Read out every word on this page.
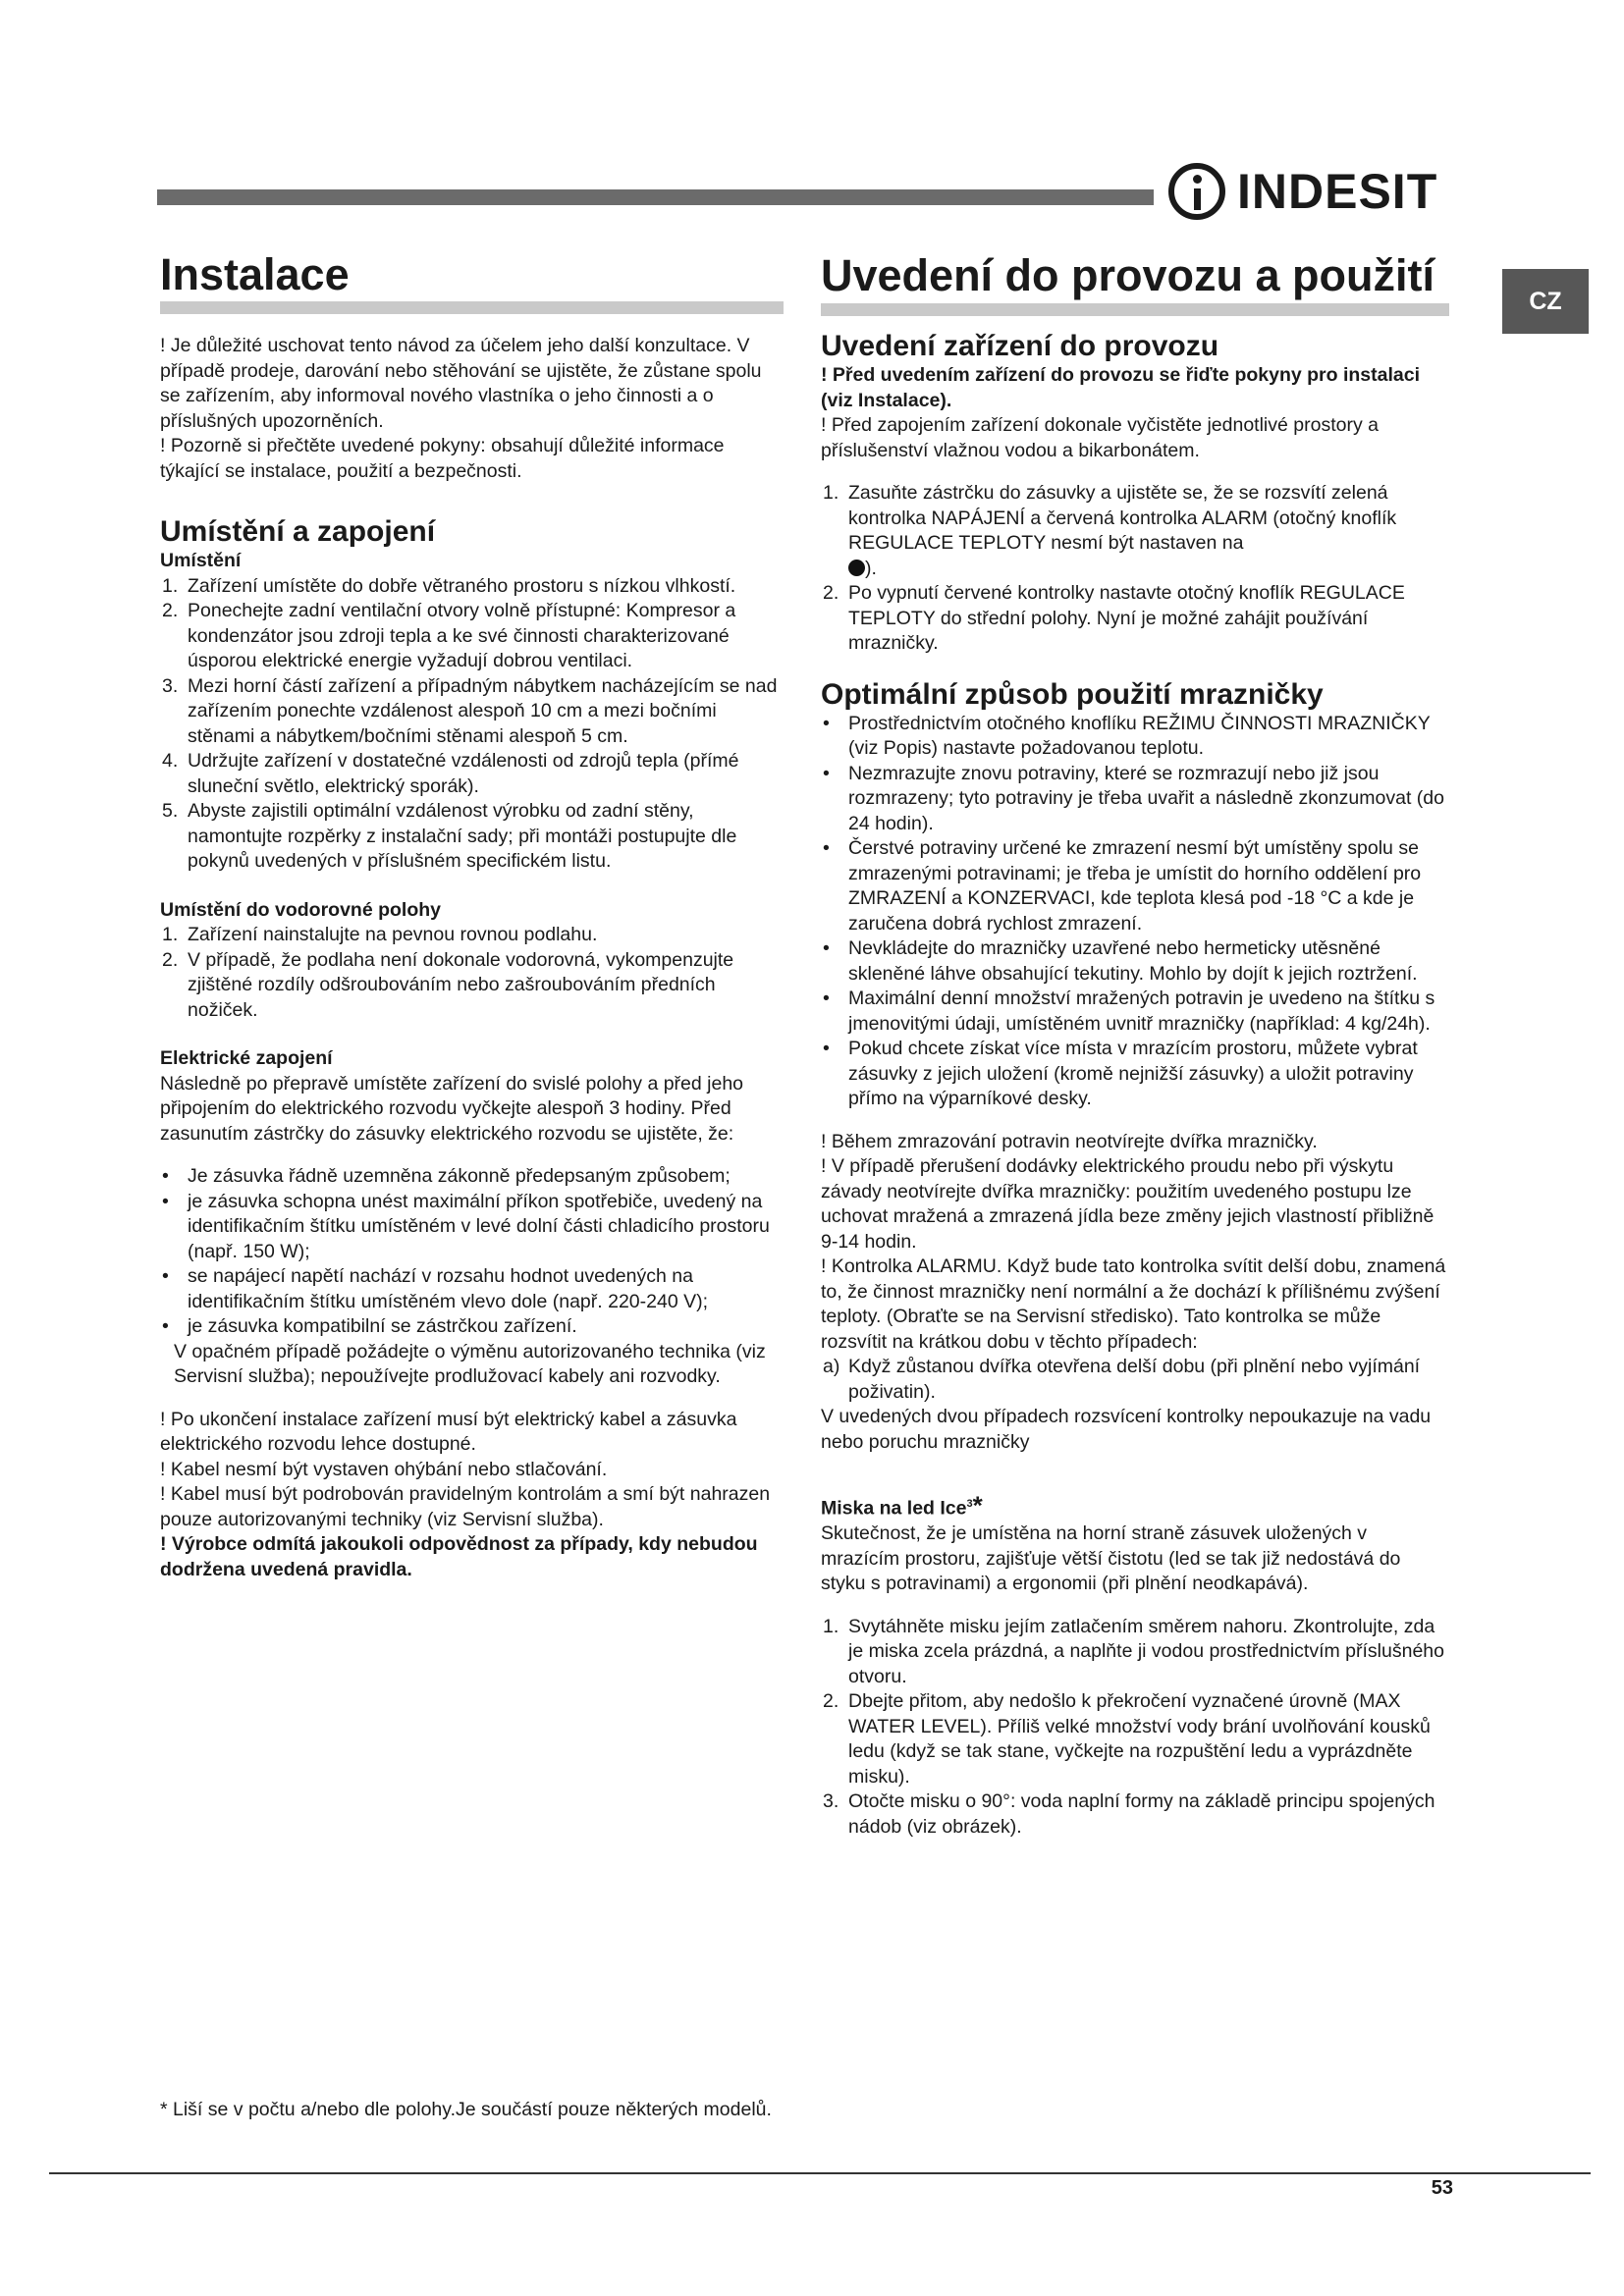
INDESIT
CZ
Instalace

! Je důležité uschovat tento návod za účelem jeho další konzultace. V případě prodeje, darování nebo stěhování se ujistěte, že zůstane spolu se zařízením, aby informoval nového vlastníka o jeho činnosti a o příslušných upozorněních.

! Pozorně si přečtěte uvedené pokyny: obsahují důležité informace týkající se instalace, použití a bezpečnosti.

Umístění a zapojení
Umístění
1. Zařízení umístěte do dobře větraného prostoru s nízkou vlhkostí.
2. Ponechejte zadní ventilační otvory volně přístupné: Kompresor a kondenzátor jsou zdroji tepla a ke své činnosti charakterizované úsporou elektrické energie vyžadují dobrou ventilaci.
3. Mezi horní částí zařízení a případným nábytkem nacházejícím se nad zařízením ponechte vzdálenost alespoň 10 cm a mezi bočními stěnami a nábytkem/bočními stěnami alespoň 5 cm.
4. Udržujte zařízení v dostatečné vzdálenosti od zdrojů tepla (přímé sluneční světlo, elektrický sporák).
5. Abyste zajistili optimální vzdálenost výrobku od zadní stěny, namontujte rozpěrky z instalační sady; při montáži postupujte dle pokynů uvedených v příslušném specifickém listu.
Umístění do vodorovné polohy
1. Zařízení nainstalujte na pevnou rovnou podlahu.
2. V případě, že podlaha není dokonale vodorovná, vykompenzujte zjištěné rozdíly odšroubováním nebo zašroubováním předních nožiček.
Elektrické zapojení

Následně po přepravě umístěte zařízení do svislé polohy a před jeho připojením do elektrického rozvodu vyčkejte alespoň 3 hodiny. Před zasunutím zástrčky do zásuvky elektrického rozvodu se ujistěte, že:

• Je zásuvka řádně uzemněna zákonně předepsaným způsobem;
• je zásuvka schopna unést maximální příkon spotřebiče, uvedený na identifikačním štítku umístěném v levé dolní části chladicího prostoru (např. 150 W);
• se napájecí napětí nachází v rozsahu hodnot uvedených na identifikačním štítku umístěném vlevo dole (např. 220-240 V);
• je zásuvka kompatibilní se zástrčkou zařízení.

V opačném případě požádejte o výměnu autorizovaného technika (viz Servisní služba); nepoužívejte prodlužovací kabely ani rozvodky.

! Po ukončení instalace zařízení musí být elektrický kabel a zásuvka elektrického rozvodu lehce dostupné.

! Kabel nesmí být vystaven ohýbání nebo stlačování.

! Kabel musí být podrobován pravidelným kontrolám a smí být nahrazen pouze autorizovanými techniky (viz Servisní služba).

! Výrobce odmítá jakoukoli odpovědnost za případy, kdy nebudou dodržena uvedená pravidla.

* Liší se v počtu a/nebo dle polohy.Je součástí pouze některých modelů.
Uvedení do provozu a použití
Uvedení zařízení do provozu

! Před uvedením zařízení do provozu se řiďte pokyny pro instalaci (viz Instalace).

! Před zapojením zařízení dokonale vyčistěte jednotlivé prostory a příslušenství vlažnou vodou a bikarbonátem.

1. Zasuňte zástrčku do zásuvky a ujistěte se, že se rozsvítí zelená kontrolka NAPÁJENÍ a červená kontrolka ALARM (otočný knoflík REGULACE TEPLOTY nesmí být nastaven na
).
2. Po vypnutí červené kontrolky nastavte otočný knoflík REGULACE TEPLOTY do střední polohy. Nyní je možné zahájit používání mrazničky.
Optimální způsob použití mrazničky
• Prostřednictvím otočného knoflíku REŽIMU ČINNOSTI MRAZNIČKY (viz Popis) nastavte požadovanou teplotu.
• Nezmrazujte znovu potraviny, které se rozmrazují nebo již jsou rozmrazeny; tyto potraviny je třeba uvařit a následně zkonzumovat (do 24 hodin).
• Čerstvé potraviny určené ke zmrazení nesmí být umístěny spolu se zmrazenými potravinami; je třeba je umístit do horního oddělení pro ZMRAZENÍ a KONZERVACI, kde teplota klesá pod -18 °C a kde je zaručena dobrá rychlost zmrazení.
• Nevkládejte do mrazničky uzavřené nebo hermeticky utěsněné skleněné láhve obsahující tekutiny. Mohlo by dojít k jejich roztržení.
• Maximální denní množství mražených potravin je uvedeno na štítku s jmenovitými údaji, umístěném uvnitř mrazničky (například: 4 kg/24h).
• Pokud chcete získat více místa v mrazícím prostoru, můžete vybrat zásuvky z jejich uložení (kromě nejnižší zásuvky) a uložit potraviny přímo na výparníkové desky.

! Během zmrazování potravin neotvírejte dvířka mrazničky.

! V případě přerušení dodávky elektrického proudu nebo při výskytu závady neotvírejte dvířka mrazničky: použitím uvedeného postupu lze uchovat mražená a zmrazená jídla beze změny jejich vlastností přibližně 9-14 hodin.

! Kontrolka ALARMU. Když bude tato kontrolka svítit delší dobu, znamená to, že činnost mrazničky není normální a že dochází k přílišnému zvýšení teploty. (Obraťte se na Servisní středisko). Tato kontrolka se může rozsvítit na krátkou dobu v těchto případech:

a) Když zůstanou dvířka otevřena delší dobu (při plnění nebo vyjímání poživatin).

V uvedených dvou případech rozsvícení kontrolky nepoukazuje na vadu nebo poruchu mrazničky

Miska na led Ice$^3$*

Skutečnost, že je umístěna na horní straně zásuvek uložených v mrazícím prostoru, zajišťuje větší čistotu (led se tak již nedostává do styku s potravinami) a ergonomii (při plnění neodkapává).

1. Svytáhněte misku jejím zatlačením směrem nahoru. Zkontrolujte, zda je miska zcela prázdná, a naplňte ji vodou prostřednictvím příslušného otvoru.
2. Dbejte přitom, aby nedošlo k překročení vyznačené úrovně (MAX WATER LEVEL). Příliš velké množství vody brání uvolňování kousků ledu (když se tak stane, vyčkejte na rozpuštění ledu a vyprázdněte misku).
3. Otočte misku o 90°: voda naplní formy na základě principu spojených nádob (viz obrázek).
53
